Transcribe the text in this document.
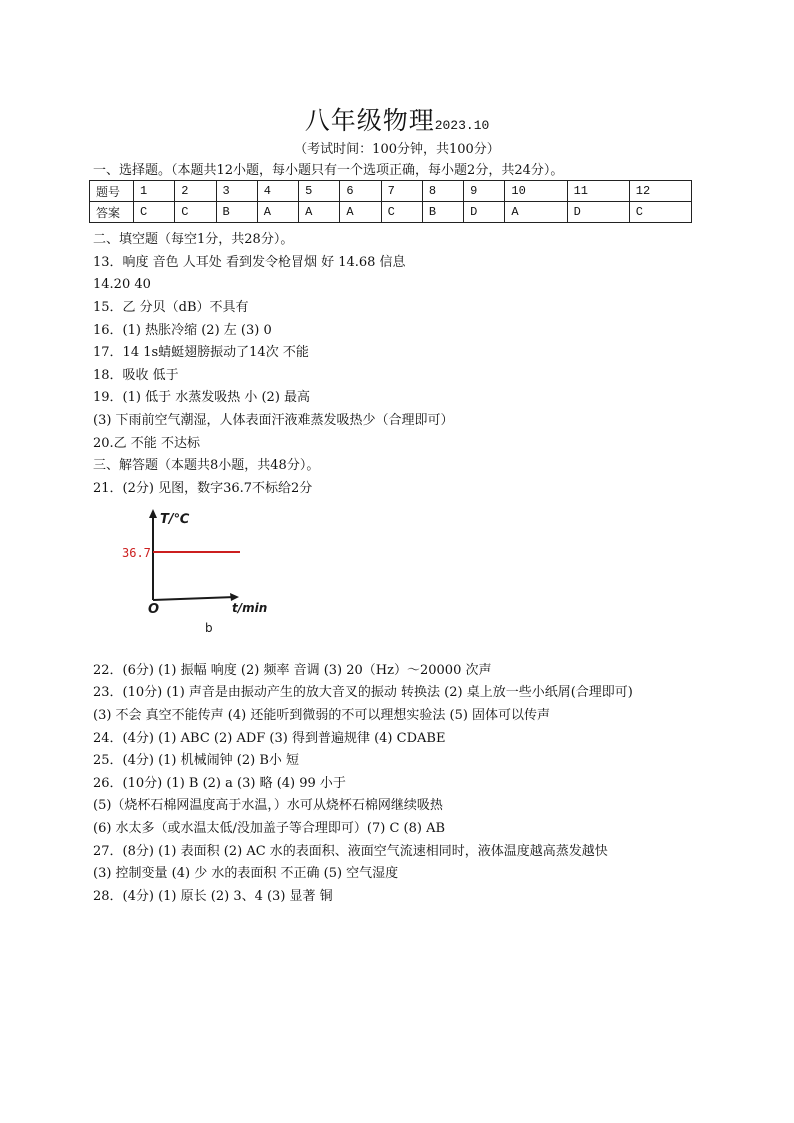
八年级物理2023.10
（考试时间：100分钟，共100分）
一、选择题。（本题共12小题，每小题只有一个选项正确，每小题2分，共24分）。
题号	1	2	3	4	5	6	7	8	9	10	11	12
答案	C	C	B	A	A	A	C	B	D	A	D	C
二、填空题（每空1分，共28分）。
13．响度 音色 人耳处 看到发令枪冒烟 好 14.68 信息
14.20 40
15．乙 分贝（dB）不具有
16．(1) 热胀冷缩 (2) 左 (3) 0
17．14 1s蜻蜓翅膀振动了14次 不能
18．吸收 低于
19．(1) 低于 水蒸发吸热 小 (2) 最高
(3) 下雨前空气潮湿，人体表面汗液难蒸发吸热少（合理即可）
20.乙 不能 不达标
三、解答题（本题共8小题，共48分）。
21．(2分) 见图，数字36.7不标给2分
T/℃
36.7
O	t/min
b
22．(6分) (1) 振幅 响度 (2) 频率 音调 (3) 20（Hz）～20000 次声
23．(10分) (1) 声音是由振动产生的放大音叉的振动 转换法 (2) 桌上放一些小纸屑(合理即可)
(3) 不会 真空不能传声 (4) 还能听到微弱的不可以理想实验法 (5) 固体可以传声
24．(4分) (1) ABC (2) ADF (3) 得到普遍规律 (4) CDABE
25．(4分) (1) 机械闹钟 (2) B小 短
26．(10分) (1) B (2) a (3) 略 (4) 99 小于
(5)（烧杯石棉网温度高于水温，）水可从烧杯石棉网继续吸热
(6) 水太多（或水温太低/没加盖子等合理即可）(7) C (8) AB
27．(8分) (1) 表面积 (2) AC 水的表面积、液面空气流速相同时，液体温度越高蒸发越快
(3) 控制变量 (4) 少 水的表面积 不正确 (5) 空气湿度
28．(4分) (1) 原长 (2) 3、4 (3) 显著 铜
